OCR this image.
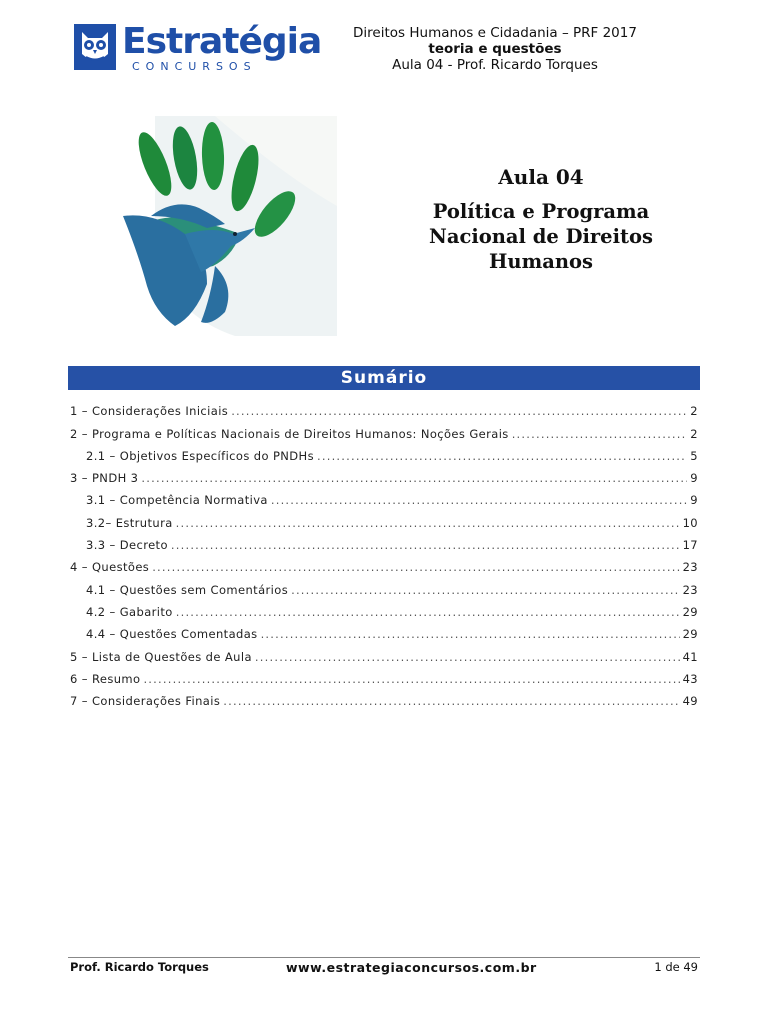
Estratégia
CONCURSOS
Direitos Humanos e Cidadania – PRF 2017
teoria e questões
Aula 04 - Prof. Ricardo Torques
Aula 04
Política e Programa Nacional de Direitos Humanos
Sumário
1 – Considerações Iniciais .....	2
2 – Programa e Políticas Nacionais de Direitos Humanos: Noções Gerais .....	2
2.1 – Objetivos Específicos do PNDHs .....	5
3 – PNDH 3 .....	9
3.1 – Competência Normativa .....	9
3.2– Estrutura .....	10
3.3 – Decreto .....	17
4 – Questões .....	23
4.1 – Questões sem Comentários .....	23
4.2 – Gabarito .....	29
4.4 – Questões Comentadas .....	29
5 – Lista de Questões de Aula .....	41
6 – Resumo .....	43
7 – Considerações Finais .....	49
Prof. Ricardo Torques	www.estrategiaconcursos.com.br	1 de 49
